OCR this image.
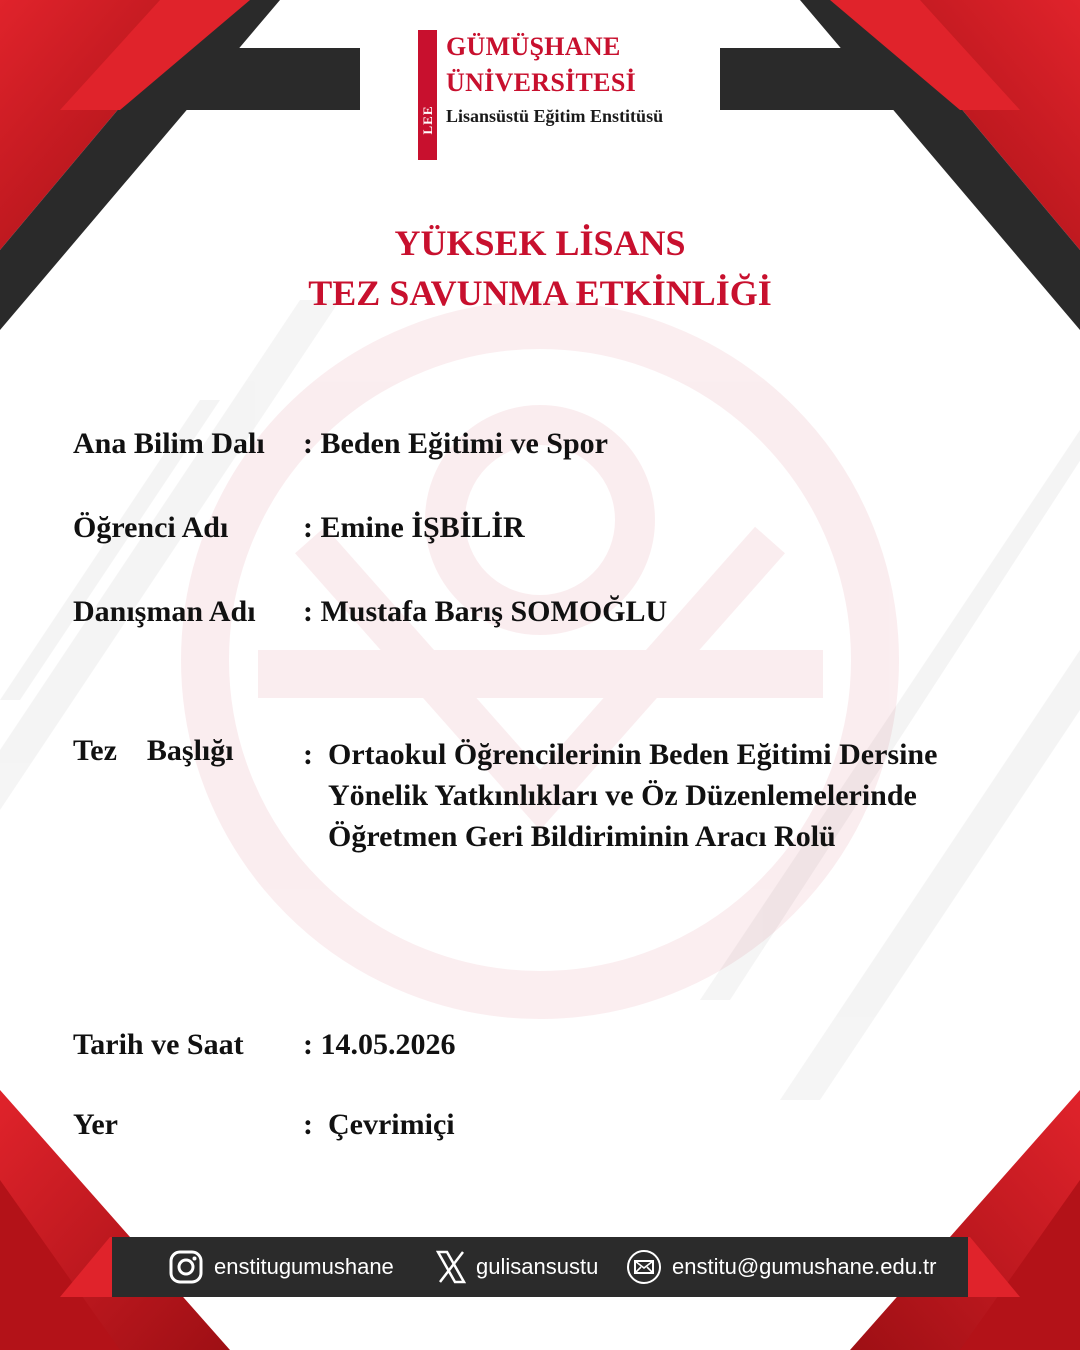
LEE
GÜMÜŞHANE
ÜNİVERSİTESİ
Lisansüstü Eğitim Enstitüsü
YÜKSEK LİSANS
TEZ SAVUNMA ETKİNLİĞİ
Ana Bilim Dalı : Beden Eğitimi ve Spor
Öğrenci Adı : Emine İŞBİLİR
Danışman Adı : Mustafa Barış SOMOĞLU
Tez    Başlığı : Ortaokul Öğrencilerinin Beden Eğitimi Dersine
Yönelik Yatkınlıkları ve Öz Düzenlemelerinde
Öğretmen Geri Bildiriminin Aracı Rolü
Tarih ve Saat : 14.05.2026
Yer	:  Çevrimiçi
enstitugumushane	gulisansustu	enstitu@gumushane.edu.tr
